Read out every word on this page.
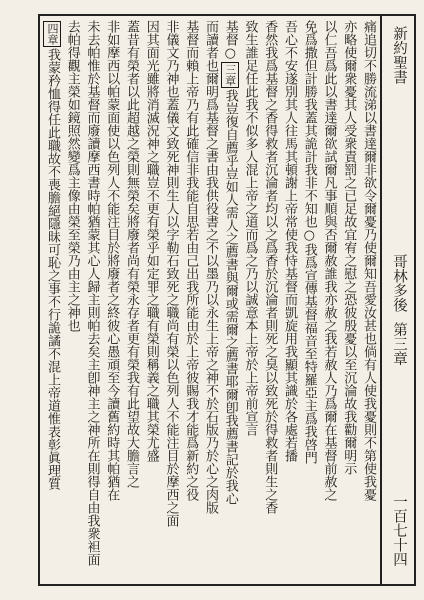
新約聖書
哥林多後
第三章
一百七十四
痛追切不勝流涕以書達爾非欲令爾憂乃使爾知吾愛汝甚也倘有人使我憂則不第使我憂
亦略使爾衆憂其人受衆責罰之已足故宜宥之慰之恐彼殷憂以至沉淪故我勸爾明示
以仁吾爲此以書達爾欲試爾凡事順與否爾赦誰我亦赦之我若赦人乃爲爾在基督前赦之
免爲撒但計勝我蓋其詭計我非不知也○我爲宣傳基督福音至特羅亞主爲我啓門
吾心不安遂別其人往馬其頓謝上帝常使我恃基督而凱旋用我顯其識於各處若播
香然我爲基督之香得救者沉淪者均以之爲香於沉淪者則死之臭以致死於得救者則生之香
致生誰足任此我不似多人混上帝之道而爲之乃以誠意本上帝於上帝前宣言
基督○三章我豈復自薦乎豈如人需人之薦書與爾或需爾之薦書耶爾卽我薦書記於我心
而讀者也爾明爲基督之書由我供役書之不以墨乃以永生上帝之神不於石版乃於心之肉版
基督而賴上帝乃有此確信非我能自思若由己出我所能由於上帝彼賜我才能爲新約之役
非儀文乃神也蓋儀文致死神則生人以字勒石致死之職尚有榮以色列人不能注目於摩西之面
因其面光雖將消滅況神之職豈不更有榮乎如定罪之職有榮則稱義之職其榮尤盛
蓋昔有榮者以此超越之榮則無榮矣將廢者尚有榮永存者更有榮我有此望故大膽言之
非如摩西以帕蒙面使以色列人不能注目於將廢者之終彼心愚頑至今讀舊約時其帕猶在
未去帕惟於基督而廢讀摩西書時帕猶蒙其心人歸主則帕去矣主卽神主之神所在則得自由我衆袒面
去帕得觀主榮如鏡照然變爲主像由榮至榮乃由主之神也
四章我蒙矜恤得任此職故不喪膽絕隱昧可恥之事不行詭譎不混上帝道惟表彰眞理質
